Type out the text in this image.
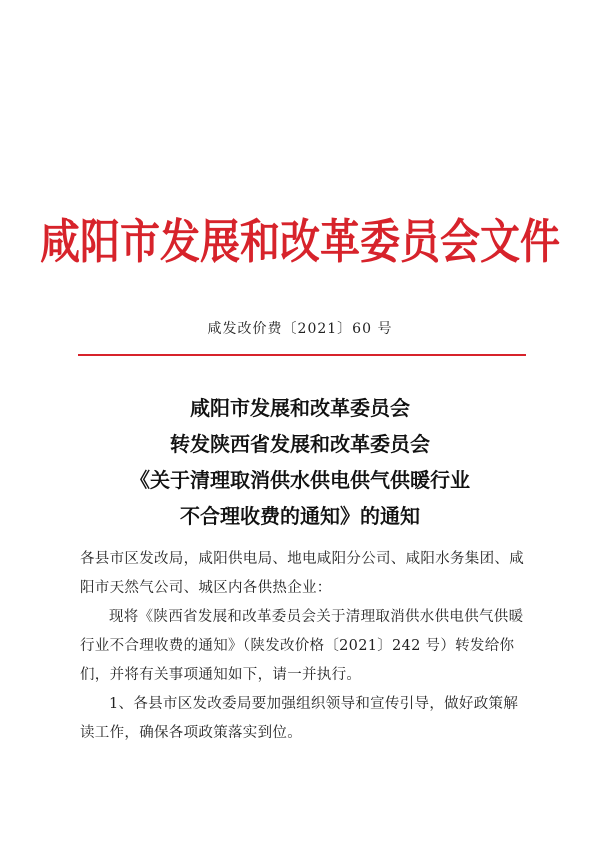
咸阳市发展和改革委员会文件
咸发改价费〔2021〕60 号
咸阳市发展和改革委员会
转发陕西省发展和改革委员会
《关于清理取消供水供电供气供暖行业
不合理收费的通知》的通知

各县市区发改局，咸阳供电局、地电咸阳分公司、咸阳水务集团、咸阳市天然气公司、城区内各供热企业：

现将《陕西省发展和改革委员会关于清理取消供水供电供气供暖行业不合理收费的通知》（陕发改价格〔2021〕242 号）转发给你们，并将有关事项通知如下，请一并执行。

1、各县市区发改委局要加强组织领导和宣传引导，做好政策解读工作，确保各项政策落实到位。
